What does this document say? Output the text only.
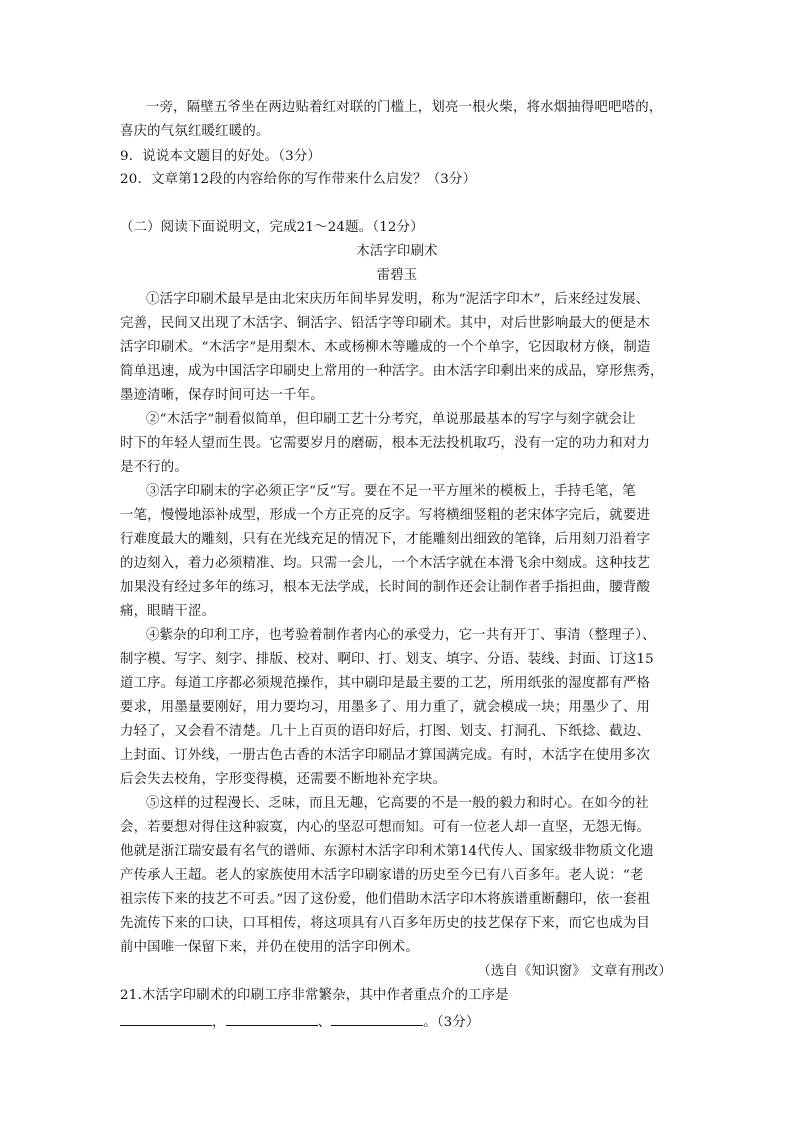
一旁，隔壁五爷坐在两边贴着红对联的门槛上，划亮一根火柴，将水烟抽得吧吧嗒的，
喜庆的气氛红暖红暖的。
9．说说本文题目的好处。（3分）
20．文章第12段的内容给你的写作带来什么启发？（3分）
（二）阅读下面说明文，完成21～24题。（12分）
木活字印刷术
雷碧玉
①活字印刷术最早是由北宋庆历年间毕昇发明，称为“泥活字印木”，后来经过发展、
完善，民间又出现了木活字、铜活字、铅活字等印刷术。其中，对后世影响最大的便是木
活字印刷术。“木活字”是用梨木、木或杨柳木等雕成的一个个单字，它因取材方倏，制造
简单迅速，成为中国活字印刷史上常用的一种活字。由木活字印剩出来的成品，穿形焦秀，
墨迹清晰，保存时间可达一千年。
②“木活字”制看似简单，但印刷工艺十分考究，单说那最基本的写字与刻字就会让
时下的年轻人望而生畏。它需要岁月的磨砺，根本无法投机取巧，没有一定的功力和对力
是不行的。
③活字印刷末的字必须正字“反”写。要在不足一平方厘米的模板上，手持毛笔，笔
一笔，慢慢地添补成型，形成一个方正亮的反字。写将横细竖粗的老宋体字完后，就要进
行难度最大的雕刻，只有在光线充足的情况下，才能雕刻出细致的笔锋，后用刻刀沿着字
的边刻入，着力必须精准、均。只需一会儿，一个木活字就在本滑飞余中刻成。这种技艺
加果没有经过多年的练习，根本无法学成，长时间的制作还会让制作者手指担曲，腰背酸
痛，眼睛干涩。
④紫杂的印利工序，也考验着制作者内心的承受力，它一共有开丁、事清（整理子）、
制字模、写字、刻字、排版、校对、啊印、打、划支、填字、分语、装线、封面、订这15
道工序。每道工序都必须规范操作，其中刷印是最主要的工艺，所用纸张的湿度都有严格
要求，用墨量要刚好，用力要均习，用墨多了、用力重了，就会模成一块；用墨少了、用
力轻了，又会看不清楚。几十上百页的语印好后，打图、划支、打洞孔、下纸捻、截边、
上封面、订外线，一册古色古香的木活字印刷品才算国满完成。有时，木活字在使用多次
后会失去校角，字形变得模，还需要不断地补充字块。
⑤这样的过程漫长、乏味，而且无趣，它高要的不是一般的毅力和时心。在如今的社
会，若要想对得住这种寂寞，内心的坚忍可想而知。可有一位老人却一直坚，无怨无悔。
他就是浙江瑞安最有名气的谱师、东源村木活字印利术第14代传人、国家级非物质文化遗
产传承人王超。老人的家族使用木活字印刷家谱的历史至今已有八百多年。老人说：“老
祖宗传下来的技艺不可丢。”因了这份爱，他们借助木活字印木将族谱重断翻印，依一套祖
先流传下来的口诀，口耳相传，将这项具有八百多年历史的技艺保存下来，而它也成为目
前中国唯一保留下来，并仍在使用的活字印例术。
（选自《知识窗》 文章有刑改）
21.木活字印刷术的印刷工序非常繁杂，其中作者重点介的工序是
，	、	。（3分）
